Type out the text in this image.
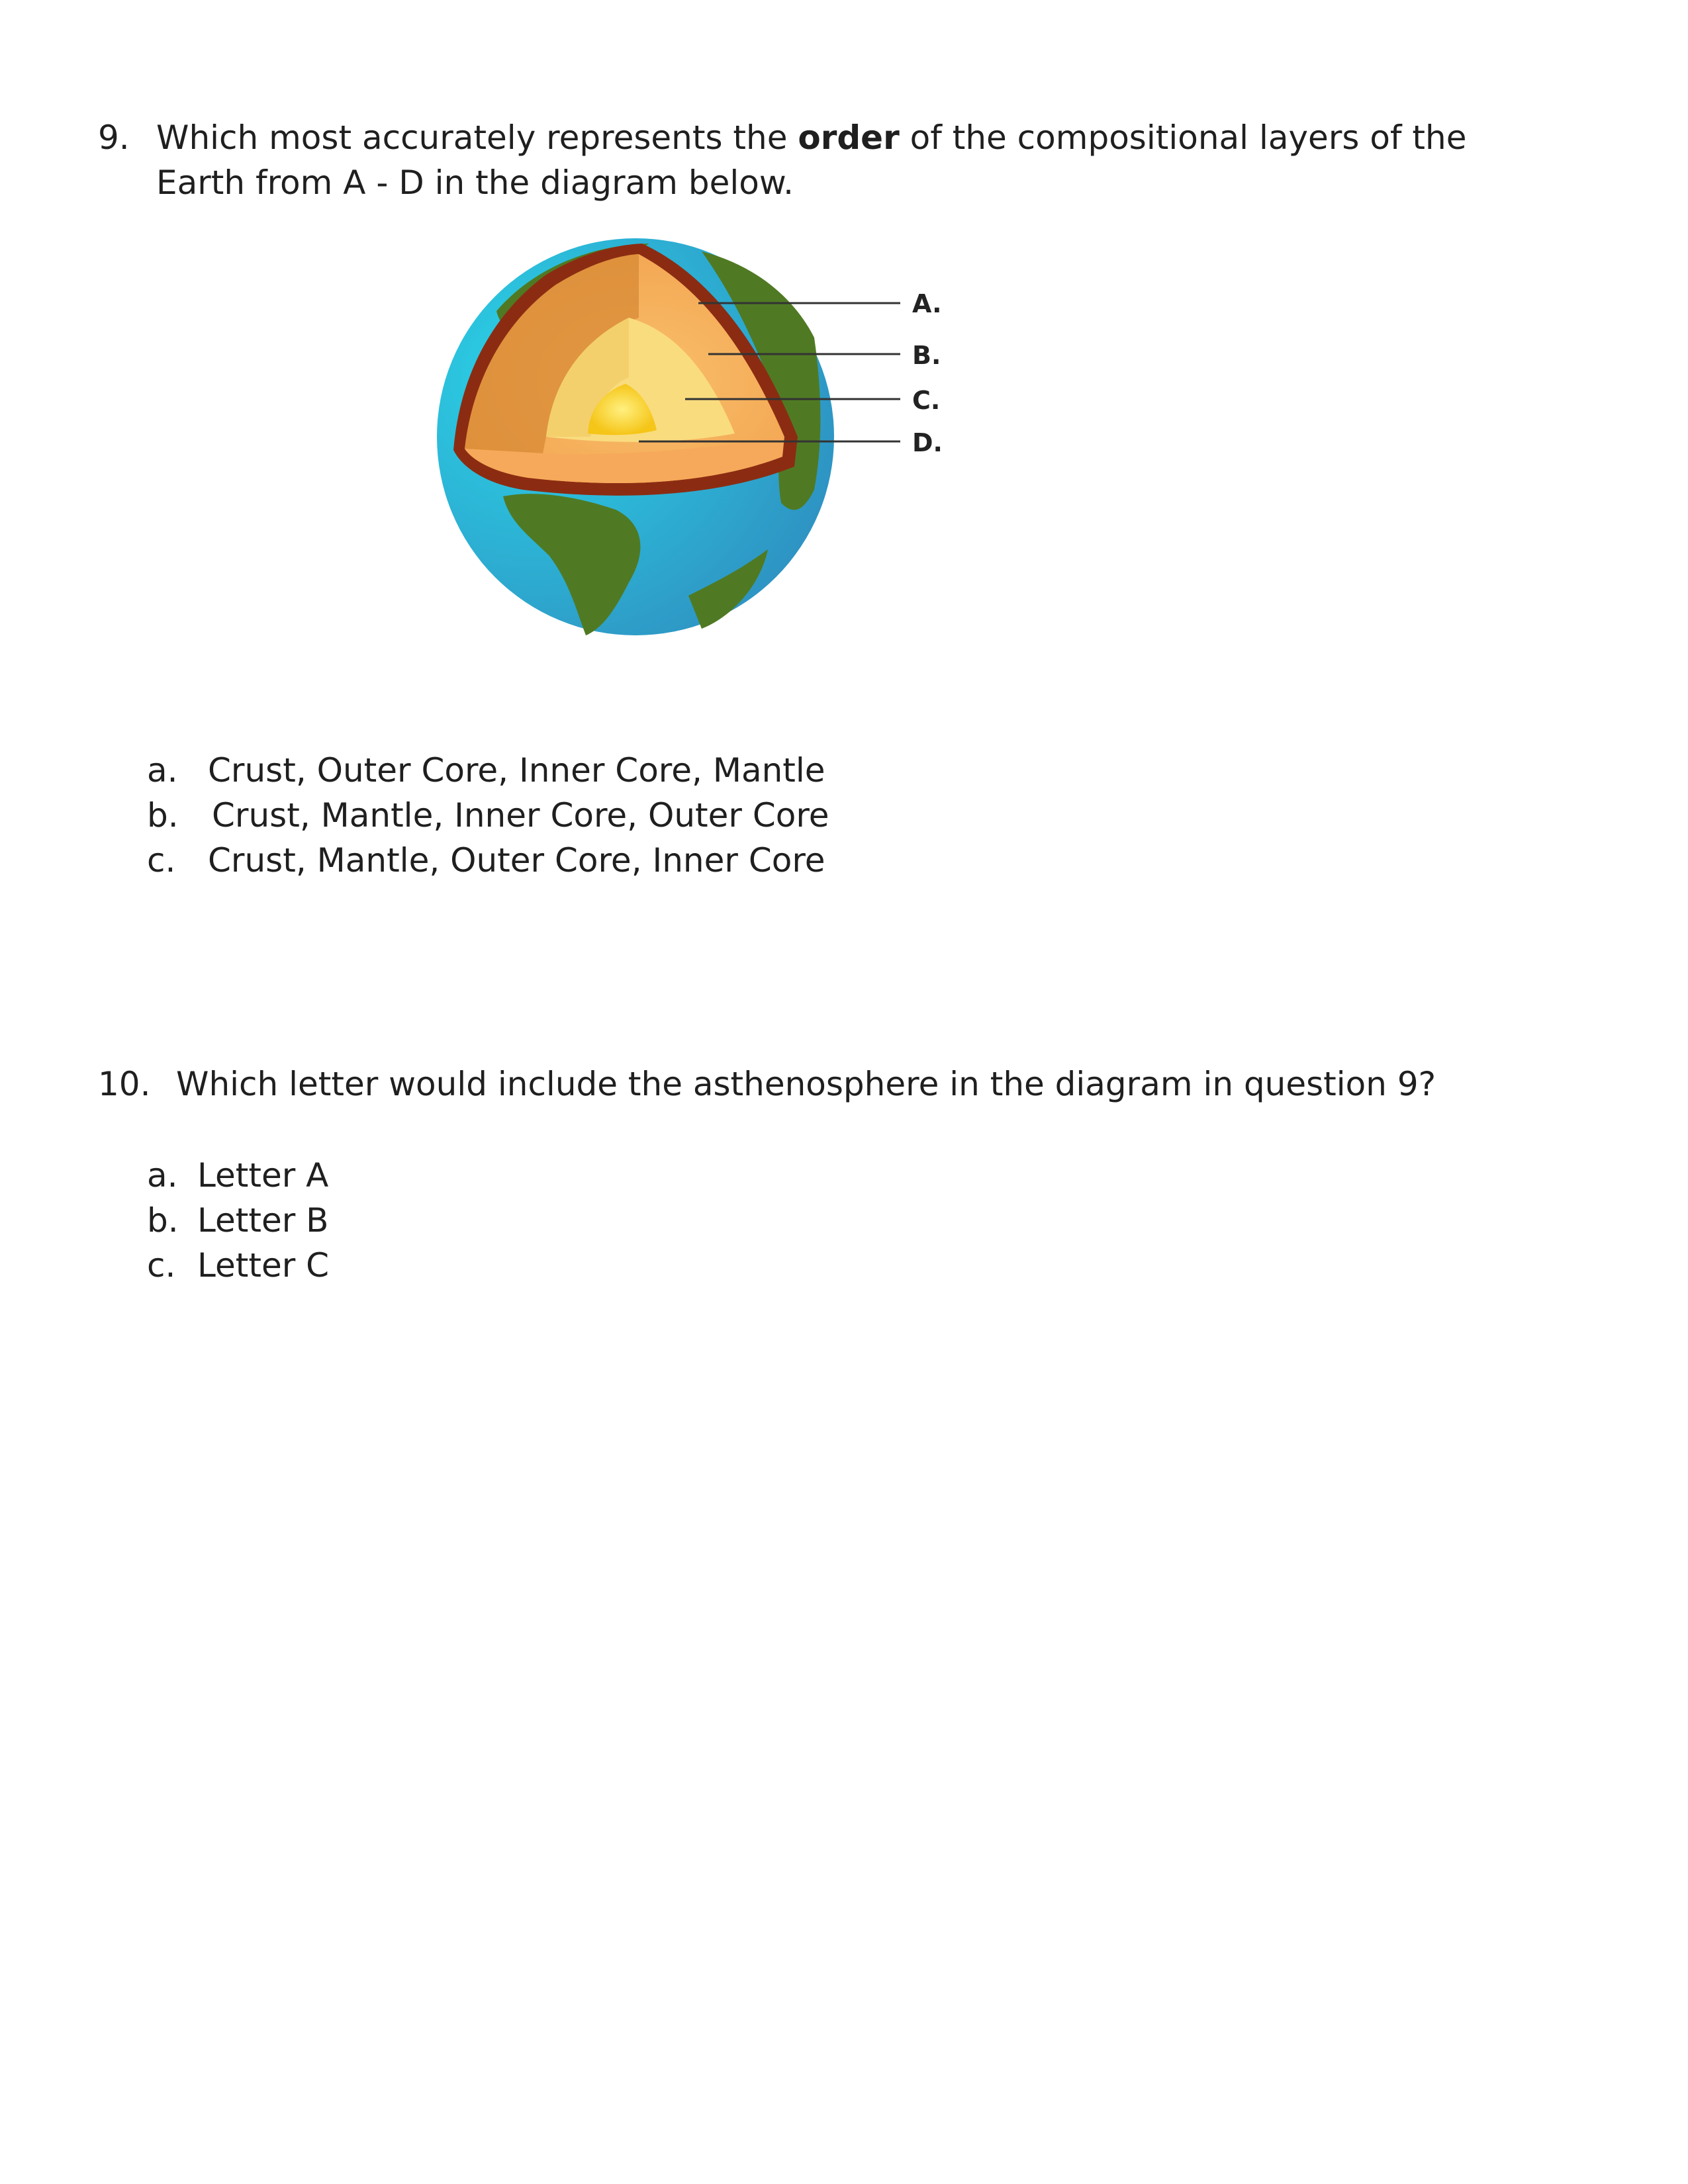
9. Which most accurately represents the order of the compositional layers of the
Earth from A - D in the diagram below.
A.
B.
C.
D.
a. Crust, Outer Core, Inner Core, Mantle
b. Crust, Mantle, Inner Core, Outer Core
c. Crust, Mantle, Outer Core, Inner Core
10. Which letter would include the asthenosphere in the diagram in question 9?
a. Letter A
b. Letter B
c. Letter C
